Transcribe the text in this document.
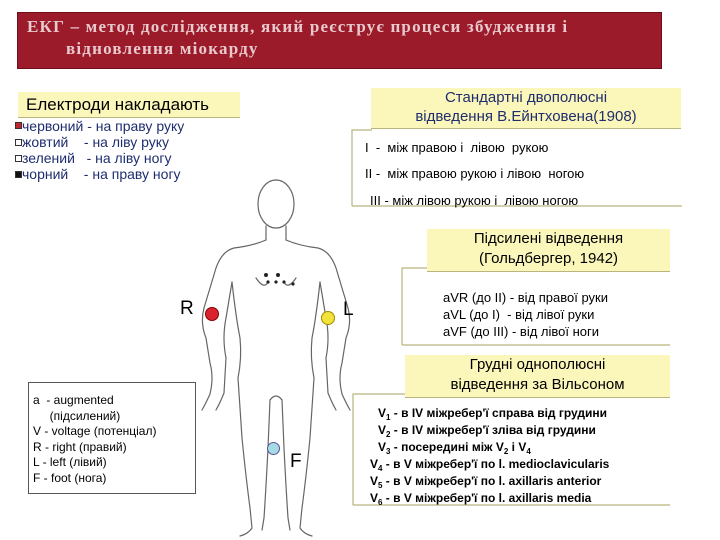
ЕКГ – метод дослідження, який реєструє процеси збудження і
відновлення міокарду
R	L
F
Електроди накладають
червоний - на праву руку
жовтий    - на ліву руку
зелений   - на ліву ногу
чорний    - на праву ногу
Стандартні двополюсні
відведення В.Ейнтховена(1908)
І  -  між правою і  лівою  рукою
ІІ -  між правою рукою і лівою  ногою
ІІІ - між лівою рукою і  лівою ногою
Підсилені відведення
(Гольдбергер, 1942)
aVR (до ІІ) - від правої руки
aVL (до І)  - від лівої руки
aVF (до ІІІ) - від лівої ноги
Грудні однополюсні
відведення за Вільсоном
$V_1$ - в ІV міжребер'ї справа від грудини
$V_2$ - в ІV міжребер'ї зліва від грудини
$V_3$ - посередині між $V_2$ і $V_4$
$V_4$ - в V міжребер'ї по l. medioclavicularis
$V_5$ - в V міжребер'ї по l. axillaris anterior
$V_6$ - в V міжребер'ї по l. axillaris media
a  - augmented
(підсилений)
V - voltage (потенціал)
R - right (правий)
L - left (лівий)
F - foot (нога)
